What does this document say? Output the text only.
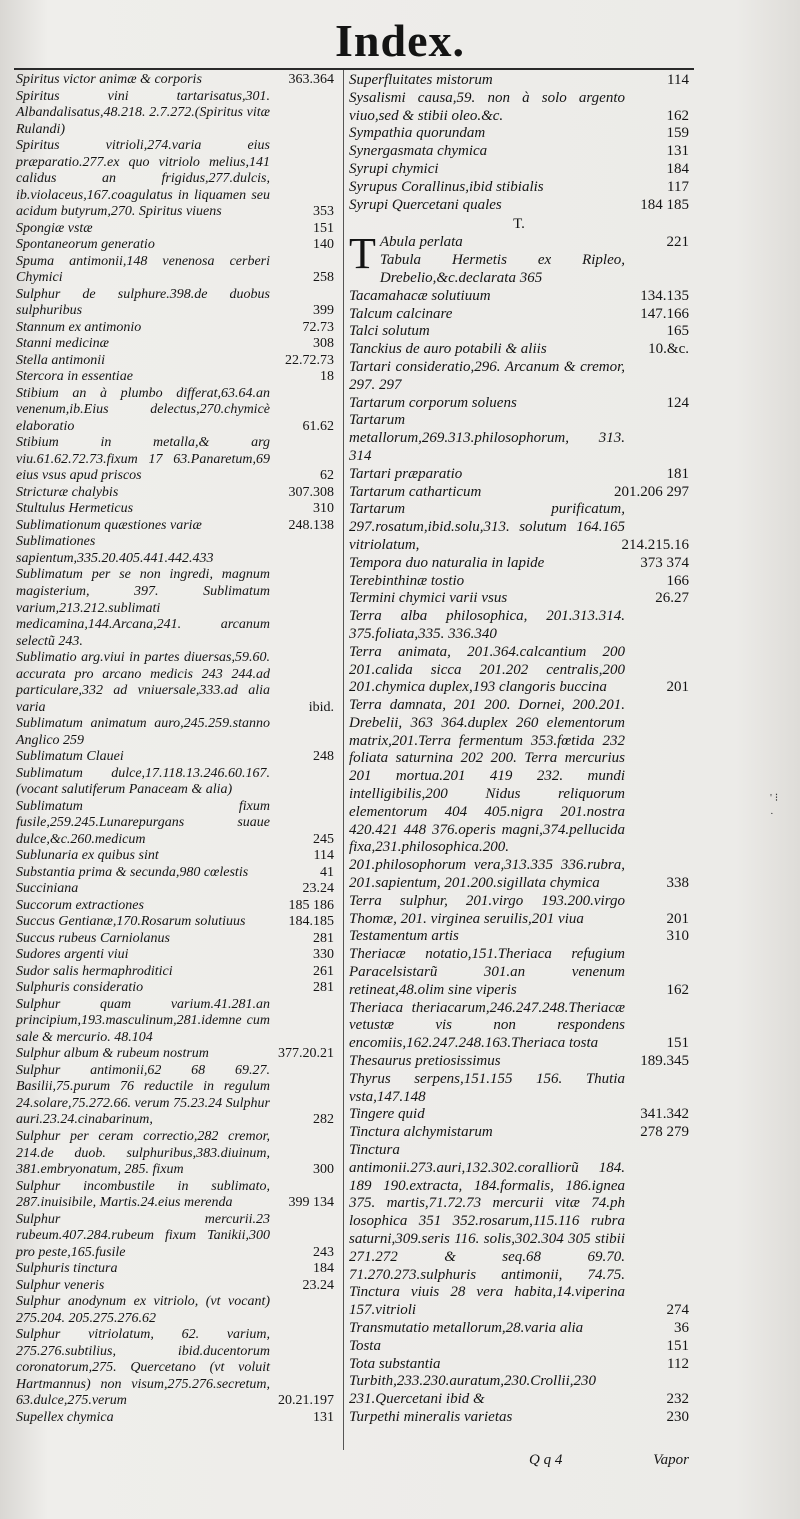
Index.
Spiritus victor animæ & corporis	363.364
Spiritus vini tartarisatus,301. Albandalisatus,48.218. 2.7.272.(Spiritus vitæ Rulandi)
Spiritus vitrioli,274.varia eius præparatio.277.ex quo vitriolo melius,141 calidus an frigidus,277.dulcis, ib.violaceus,167.coagulatus in liquamen seu acidum butyrum,270. Spiritus viuens	353
Spongiæ vstæ	151
Spontaneorum generatio	140
Spuma antimonii,148 venenosa cerberi Chymici	258
Sulphur de sulphure.398.de duobus sulphuribus	399
Stannum ex antimonio	72.73
Stanni medicinæ	308
Stella antimonii	22.72.73
Stercora in essentiae	18
Stibium an à plumbo differat,63.64.an venenum,ib.Eius delectus,270.chymicè elaboratio	61.62
Stibium in metalla,& arg viu.61.62.72.73.fixum 17 63.Panaretum,69 eius vsus apud priscos	62
Stricturæ chalybis	307.308
Stultulus Hermeticus	310
Sublimationum quæstiones variæ	248.138
Sublimationes sapientum,335.20.405.441.442.433
Sublimatum per se non ingredi, magnum magisterium, 397. Sublimatum varium,213.212.sublimati medicamina,144.Arcana,241. arcanum selectũ 243.
Sublimatio arg.viui in partes diuersas,59.60. accurata pro arcano medicis 243 244.ad particulare,332 ad vniuersale,333.ad alia varia	ibid.
Sublimatum animatum auro,245.259.stanno Anglico 259
Sublimatum Clauei	248
Sublimatum dulce,17.118.13.246.60.167. (vocant salutiferum Panaceam & alia)
Sublimatum fixum fusile,259.245.Lunarepurgans suaue dulce,&c.260.medicum	245
Sublunaria ex quibus sint	114
Substantia prima & secunda,980 cœlestis	41
Succiniana	23.24
Succorum extractiones	185 186
Succus Gentianæ,170.Rosarum solutiuus	184.185
Succus rubeus Carniolanus	281
Sudores argenti viui	330
Sudor salis hermaphroditici	261
Sulphuris consideratio	281
Sulphur quam varium.41.281.an principium,193.masculinum,281.idemne cum sale & mercurio. 48.104
Sulphur album & rubeum nostrum	377.20.21
Sulphur antimonii,62 68 69.27. Basilii,75.purum 76 reductile in regulum 24.solare,75.272.66. verum 75.23.24 Sulphur auri.23.24.cinabarinum,	282
Sulphur per ceram correctio,282 cremor, 214.de duob. sulphuribus,383.diuinum, 381.embryonatum, 285. fixum	300
Sulphur incombustile in sublimato, 287.inuisibile, Martis.24.eius merenda	399 134
Sulphur mercurii.23 rubeum.407.284.rubeum fixum Tanikii,300 pro peste,165.fusile	243
Sulphuris tinctura	184
Sulphur veneris	23.24
Sulphur anodynum ex vitriolo, (vt vocant) 275.204. 205.275.276.62
Sulphur vitriolatum, 62. varium, 275.276.subtilius, ibid.ducentorum coronatorum,275. Quercetano (vt voluit Hartmannus) non visum,275.276.secretum, 63.dulce,275.verum	20.21.197
Supellex chymica	131
Superfluitates mistorum	114
Sysalismi causa,59. non à solo argento viuo,sed & stibii oleo.&c.	162
Sympathia quorundam	159
Synergasmata chymica	131
Syrupi chymici	184
Syrupus Corallinus,ibid stibialis	117
Syrupi Quercetani quales	184 185
T.
T Abula perlata	221
Tabula Hermetis ex Ripleo, Drebelio,&c.declarata 365
Tacamahacæ solutiuum	134.135
Talcum calcinare	147.166
Talci solutum	165
Tanckius de auro potabili & aliis	10.&c.
Tartari consideratio,296. Arcanum & cremor, 297. 297
Tartarum corporum soluens	124
Tartarum metallorum,269.313.philosophorum, 313. 314
Tartari præparatio	181
Tartarum catharticum	201.206 297
Tartarum purificatum, 297.rosatum,ibid.solu,313. solutum 164.165 vitriolatum,	214.215.16
Tempora duo naturalia in lapide	373 374
Terebinthinæ tostio	166
Termini chymici varii vsus	26.27
Terra alba philosophica, 201.313.314. 375.foliata,335. 336.340
Terra animata, 201.364.calcantium 200 201.calida sicca 201.202 centralis,200 201.chymica duplex,193 clangoris buccina	201
Terra damnata, 201 200. Dornei, 200.201. Drebelii, 363 364.duplex 260 elementorum matrix,201.Terra fermentum 353.fœtida 232 foliata saturnina 202 200. Terra mercurius 201 mortua.201 419 232. mundi intelligibilis,200 Nidus reliquorum elementorum 404 405.nigra 201.nostra 420.421 448 376.operis magni,374.pellucida fixa,231.philosophica.200. 201.philosophorum vera,313.335 336.rubra, 201.sapientum, 201.200.sigillata chymica	338
Terra sulphur, 201.virgo 193.200.virgo Thomæ, 201. virginea seruilis,201 viua	201
Testamentum artis	310
Theriacæ notatio,151.Theriaca refugium Paracelsistarũ 301.an venenum retineat,48.olim sine viperis	162
Theriaca theriacarum,246.247.248.Theriacæ vetustæ vis non respondens encomiis,162.247.248.163.Theriaca tosta	151
Thesaurus pretiosissimus	189.345
Thyrus serpens,151.155 156. Thutia vsta,147.148
Tingere quid	341.342
Tinctura alchymistarum	278 279
Tinctura antimonii.273.auri,132.302.coralliorũ 184. 189 190.extracta, 184.formalis, 186.ignea 375. martis,71.72.73 mercurii vitæ 74.ph losophica 351 352.rosarum,115.116 rubra saturni,309.seris 116. solis,302.304 305 stibii 271.272 & seq.68 69.70. 71.270.273.sulphuris antimonii, 74.75. Tinctura viuis 28 vera habita,14.viperina 157.vitrioli	274
Transmutatio metallorum,28.varia alia	36
Tosta	151
Tota substantia	112
Turbith,233.230.auratum,230.Crollii,230 231.Quercetani ibid &	232
Turpethi mineralis varietas	230
' ⁝ ·
Q q 4	Vapor
